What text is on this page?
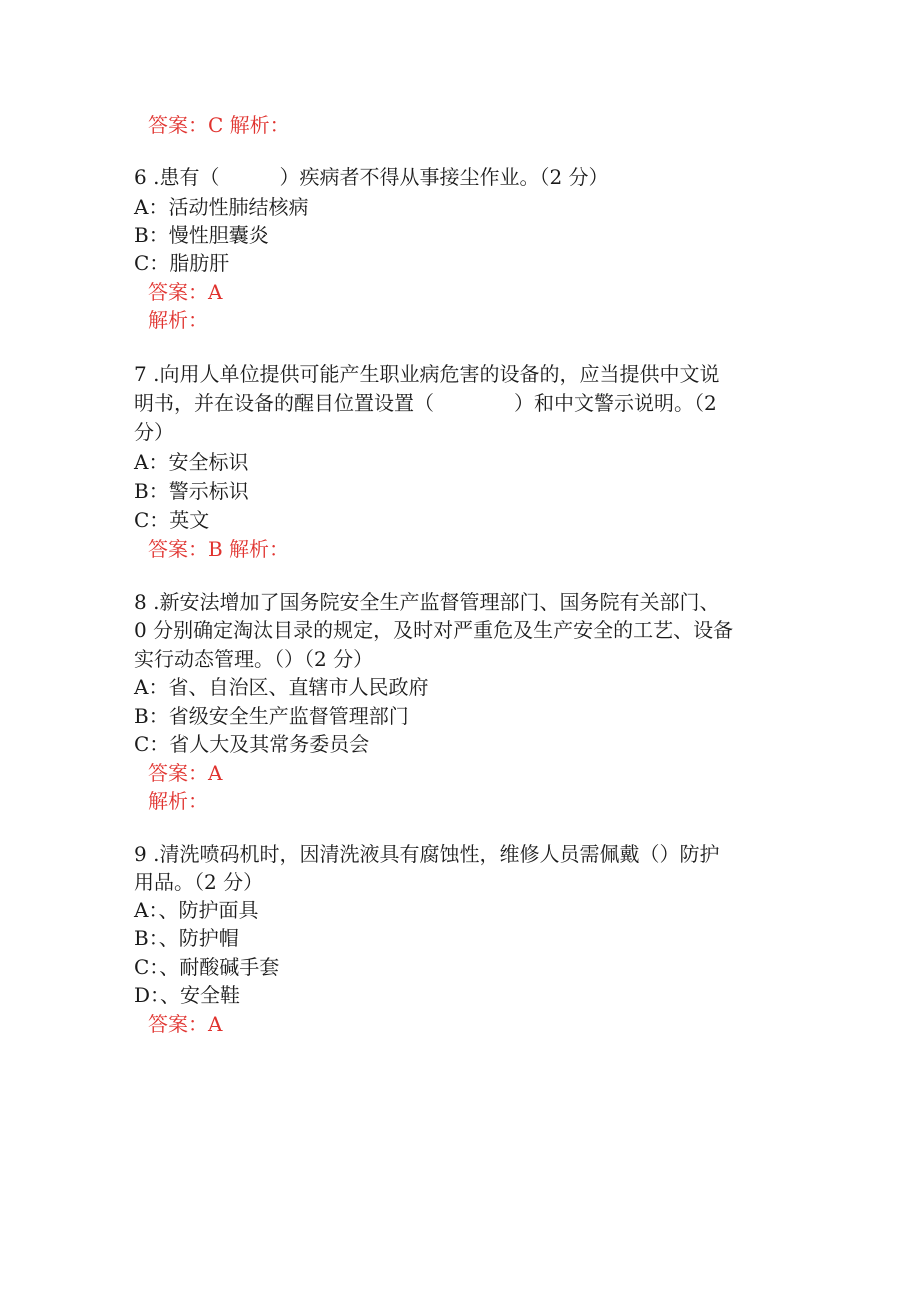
答案：C 解析：
6 .患有（　　　）疾病者不得从事接尘作业。（2 分）
A：活动性肺结核病
B：慢性胆囊炎
C：脂肪肝
答案：A
解析：
7 .向用人单位提供可能产生职业病危害的设备的，应当提供中文说
明书，并在设备的醒目位置设置（　　　　）和中文警示说明。（2
分）
A：安全标识
B：警示标识
C：英文
答案：B 解析：
8 .新安法增加了国务院安全生产监督管理部门、国务院有关部门、
0 分别确定淘汰目录的规定，及时对严重危及生产安全的工艺、设备
实行动态管理。（）（2 分）
A：省、自治区、直辖市人民政府
B：省级安全生产监督管理部门
C：省人大及其常务委员会
答案：A
解析：
9 .清洗喷码机时，因清洗液具有腐蚀性，维修人员需佩戴（）防护
用品。（2 分）
A：、防护面具
B：、防护帽
C：、耐酸碱手套
D：、安全鞋
答案：A
